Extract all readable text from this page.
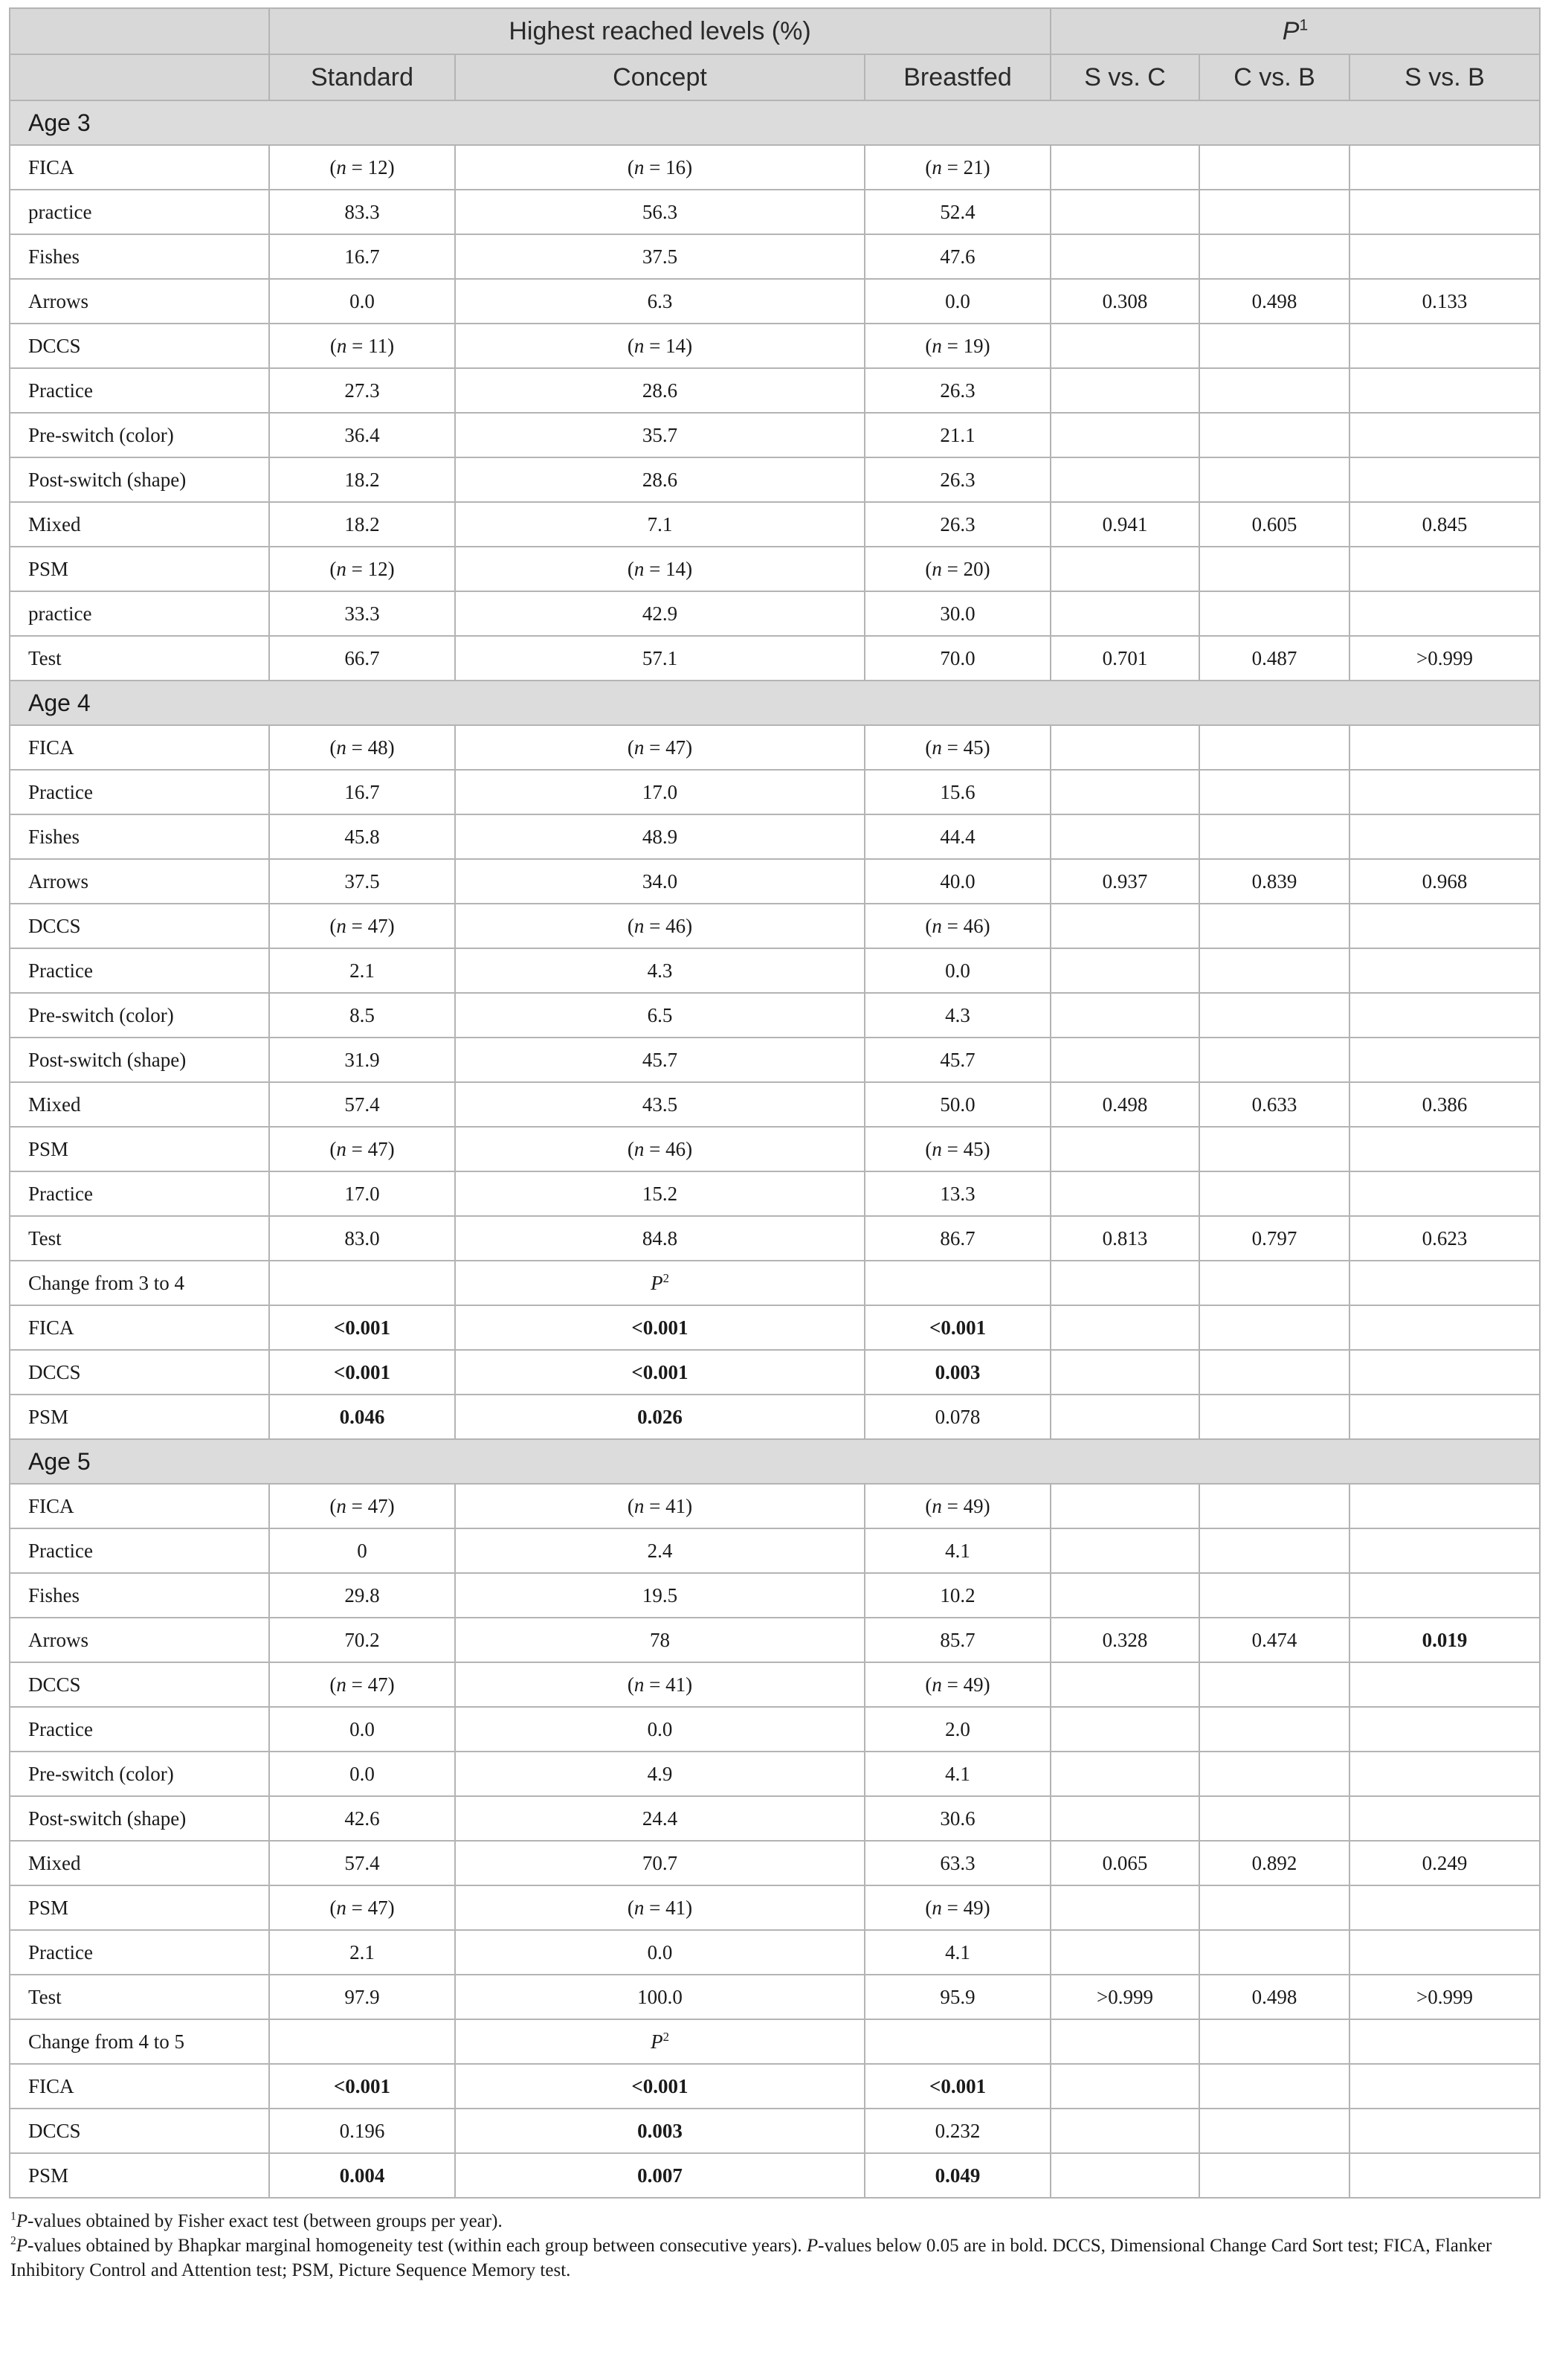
	Highest reached levels (%)			$P^1$
	Standard	Concept	Breastfed	S vs. C	C vs. B	S vs. B
Age 3						
FICA	(n = 12)	(n = 16)	(n = 21)			
practice	83.3	56.3	52.4			
Fishes	16.7	37.5	47.6			
Arrows	0.0	6.3	0.0	0.308	0.498	0.133
DCCS	(n = 11)	(n = 14)	(n = 19)			
Practice	27.3	28.6	26.3			
Pre-switch (color)	36.4	35.7	21.1			
Post-switch (shape)	18.2	28.6	26.3			
Mixed	18.2	7.1	26.3	0.941	0.605	0.845
PSM	(n = 12)	(n = 14)	(n = 20)			
practice	33.3	42.9	30.0			
Test	66.7	57.1	70.0	0.701	0.487	>0.999
Age 4						
FICA	(n = 48)	(n = 47)	(n = 45)			
Practice	16.7	17.0	15.6			
Fishes	45.8	48.9	44.4			
Arrows	37.5	34.0	40.0	0.937	0.839	0.968
DCCS	(n = 47)	(n = 46)	(n = 46)			
Practice	2.1	4.3	0.0			
Pre-switch (color)	8.5	6.5	4.3			
Post-switch (shape)	31.9	45.7	45.7			
Mixed	57.4	43.5	50.0	0.498	0.633	0.386
PSM	(n = 47)	(n = 46)	(n = 45)			
Practice	17.0	15.2	13.3			
Test	83.0	84.8	86.7	0.813	0.797	0.623
Change from 3 to 4		$P^2$				
FICA	<0.001	<0.001	<0.001			
DCCS	<0.001	<0.001	0.003			
PSM	0.046	0.026	0.078			
Age 5						
FICA	(n = 47)	(n = 41)	(n = 49)			
Practice	0	2.4	4.1			
Fishes	29.8	19.5	10.2			
Arrows	70.2	78	85.7	0.328	0.474	0.019
DCCS	(n = 47)	(n = 41)	(n = 49)			
Practice	0.0	0.0	2.0			
Pre-switch (color)	0.0	4.9	4.1			
Post-switch (shape)	42.6	24.4	30.6			
Mixed	57.4	70.7	63.3	0.065	0.892	0.249
PSM	(n = 47)	(n = 41)	(n = 49)			
Practice	2.1	0.0	4.1			
Test	97.9	100.0	95.9	>0.999	0.498	>0.999
Change from 4 to 5		$P^2$				
FICA	<0.001	<0.001	<0.001			
DCCS	0.196	0.003	0.232			
PSM	0.004	0.007	0.049			

$^1$P-values obtained by Fisher exact test (between groups per year).

$^2$P-values obtained by Bhapkar marginal homogeneity test (within each group between consecutive years). P-values below 0.05 are in bold. DCCS, Dimensional Change Card Sort test; FICA, Flanker Inhibitory Control and Attention test; PSM, Picture Sequence Memory test.
